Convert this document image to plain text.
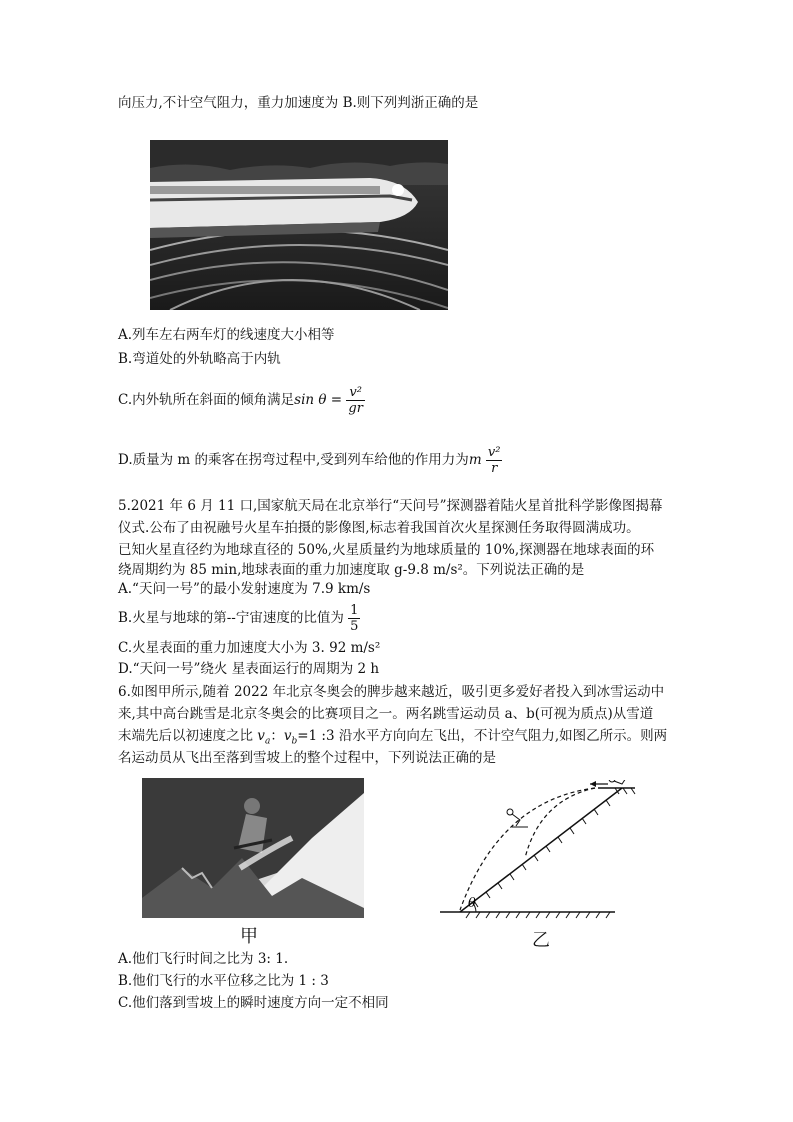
向压力,不计空气阻力，重力加速度为 B.则下列判浙正确的是
A.列车左右两车灯的线速度大小相等
B.弯道处的外轨略高于内轨
C.内外轨所在斜面的倾角满足$\sin \theta = \frac{\text{v²}}{gr}$
D.质量为 m 的乘客在拐弯过程中,受到列车给他的作用力为m $\frac{\text{v²}}{r}$
5.2021 年 6 月 11 口,国家航天局在北京举行“天问号”探测器着陆火星首批科学影像图揭幕
仪式.公布了由祝融号火星车拍摄的影像图,标志着我国首次火星探测任务取得圆满成功。
已知火星直径约为地球直径的 50%,火星质量约为地球质量的 10%,探测器在地球表面的环
绕周期约为 85 min,地球表面的重力加速度取 g-9.8 m/s²。下列说法正确的是
A.“天问一号”的最小发射速度为 7.9 km/s
B.火星与地球的第--宁宙速度的比值为 $\frac{1}{5}$
C.火星表面的重力加速度大小为 3. 92 m/s²
D.“天问一号”绕火 星表面运行的周期为 2 h
6.如图甲所示,随着 2022 年北京冬奥会的脾步越来越近，吸引更多爱好者投入到冰雪运动中
来,其中高台跳雪是北京冬奥会的比赛项目之一。两名跳雪运动员 a、b(可视为质点)从雪道
末端先后以初速度之比 $v_a$：$v_b=1$ :3 沿水平方向向左飞出，不计空气阻力,如图乙所示。则两
名运动员从飞出至落到雪坡上的整个过程中，下列说法正确的是
甲
θ
乙
A.他们飞行时间之比为 3: 1.
B.他们飞行的水平位移之比为 1 : 3
C.他们落到雪坡上的瞬时速度方向一定不相同
